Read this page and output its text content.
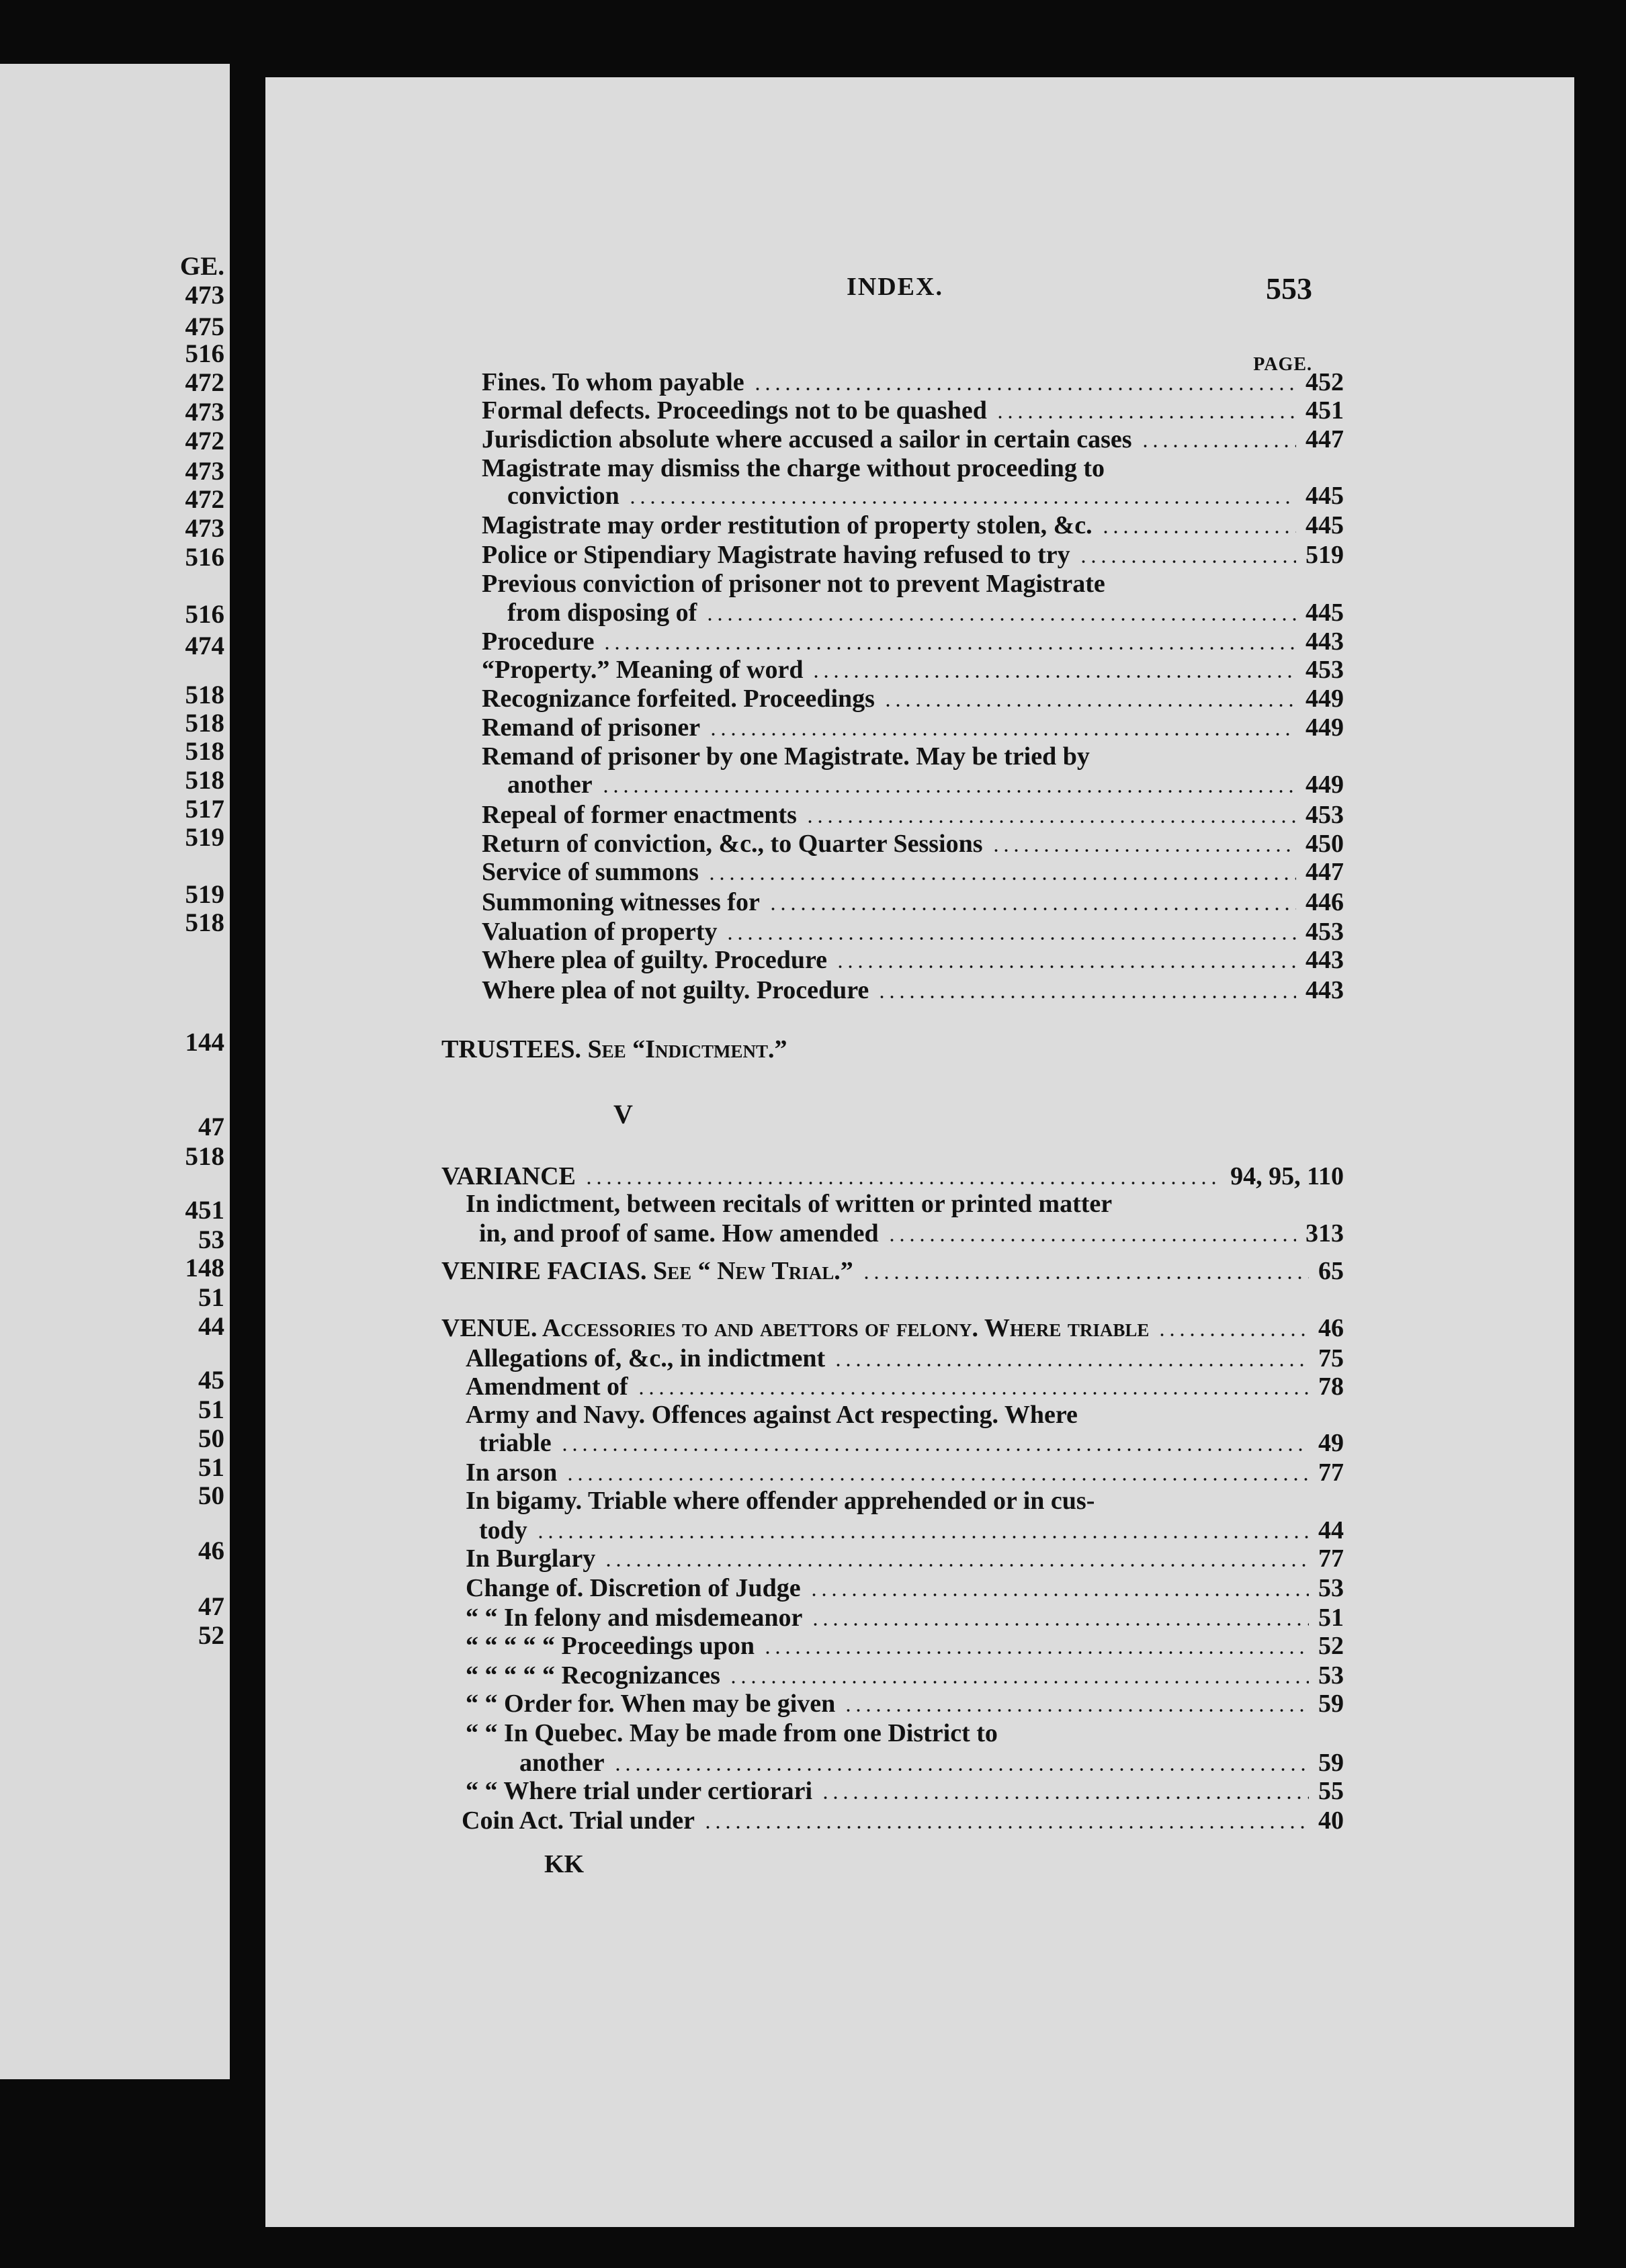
GE.
473
475
516
472
473
472
473
472
473
516
516
474
518
518
518
518
517
519
519
518
144
47
518
451
53
148
51
44
45
51
50
51
50
46
47
52
INDEX.	553
PAGE.
Fines. To whom payable	452
Formal defects. Proceedings not to be quashed	451
Jurisdiction absolute where accused a sailor in certain cases	447
Magistrate may dismiss the charge without proceeding to
conviction	445
Magistrate may order restitution of property stolen, &c.	445
Police or Stipendiary Magistrate having refused to try	519
Previous conviction of prisoner not to prevent Magistrate
from disposing of	445
Procedure	443
“Property.” Meaning of word	453
Recognizance forfeited. Proceedings	449
Remand of prisoner	449
Remand of prisoner by one Magistrate. May be tried by
another	449
Repeal of former enactments	453
Return of conviction, &c., to Quarter Sessions	450
Service of summons	447
Summoning witnesses for	446
Valuation of property	453
Where plea of guilty. Procedure	443
Where plea of not guilty. Procedure	443
TRUSTEES. See “Indictment.”
V
VARIANCE	94, 95, 110
In indictment, between recitals of written or printed matter
in, and proof of same. How amended	313
VENIRE FACIAS. See “ New Trial.”	65
VENUE. Accessories to and abettors of felony. Where triable	46
Allegations of, &c., in indictment	75
Amendment of	78
Army and Navy. Offences against Act respecting. Where
triable	49
In arson	77
In bigamy. Triable where offender apprehended or in cus-
tody	44
In Burglary	77
Change of. Discretion of Judge	53
“ “ In felony and misdemeanor	51
“ “ “ “ “ Proceedings upon	52
“ “ “ “ “ Recognizances	53
“ “ Order for. When may be given	59
“ “ In Quebec. May be made from one District to
another	59
“ “ Where trial under certiorari	55
Coin Act. Trial under	40
KK
